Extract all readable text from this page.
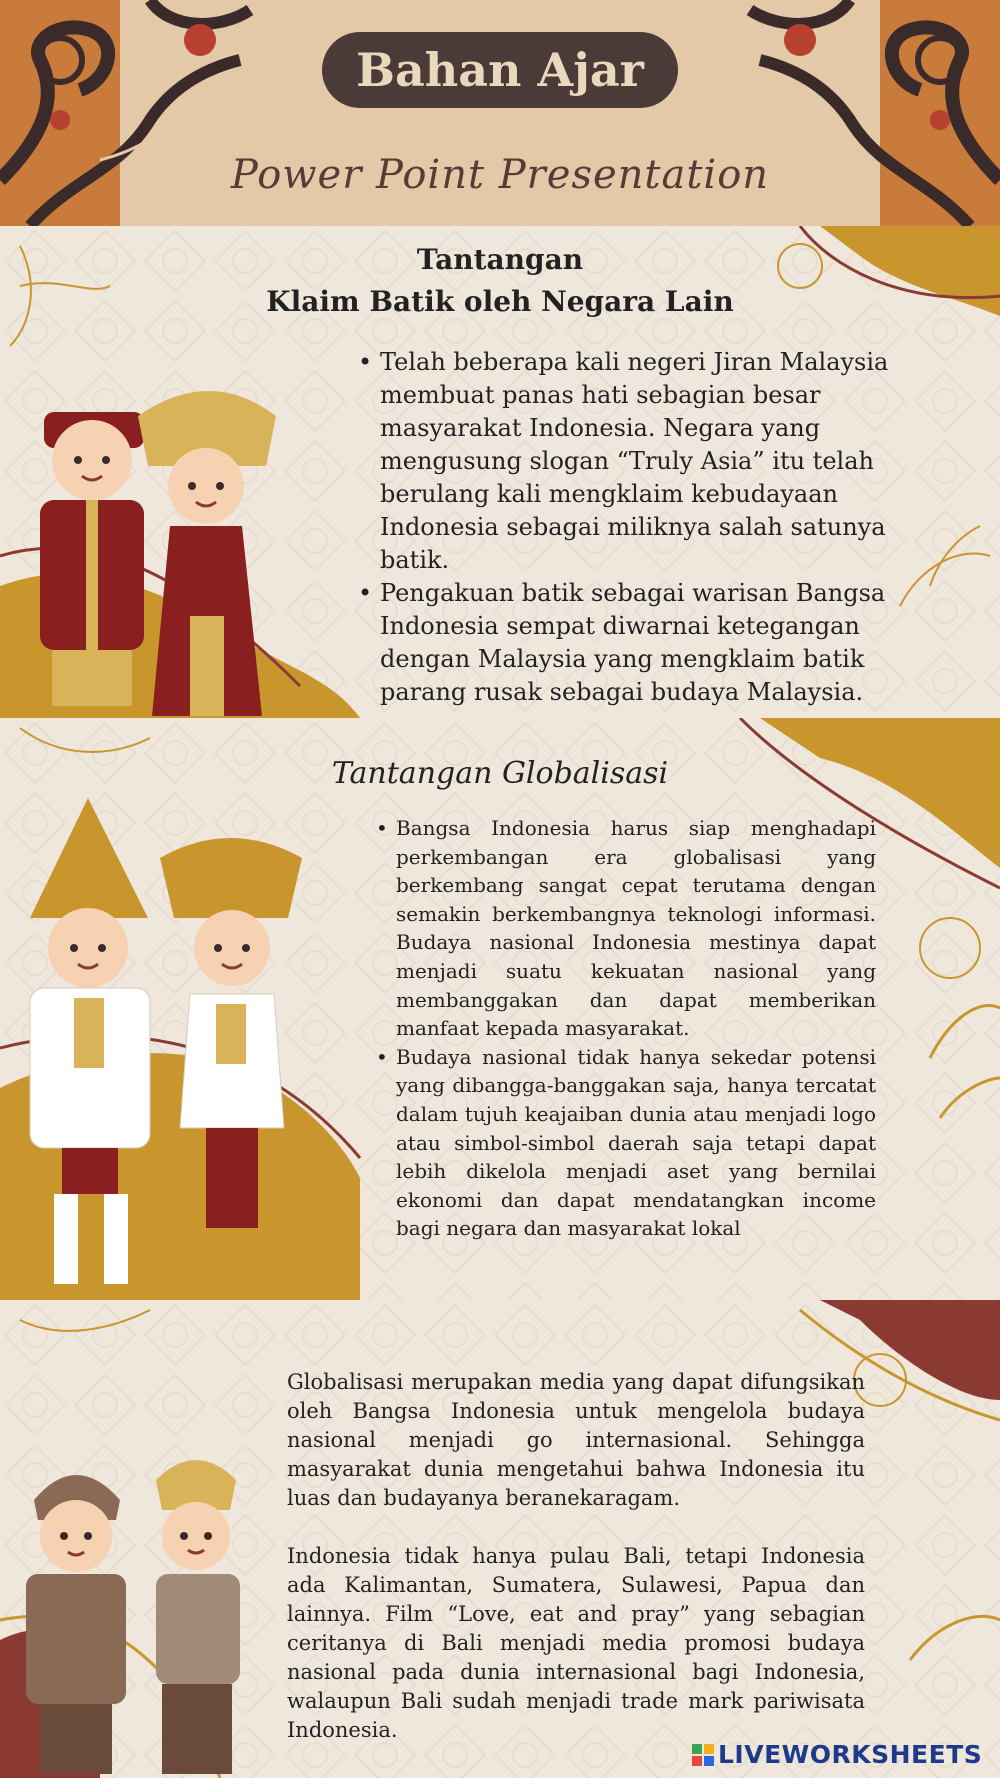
Bahan Ajar
Power Point Presentation
Tantangan
Klaim Batik oleh Negara Lain
• Telah beberapa kali negeri Jiran Malaysia membuat panas hati sebagian besar masyarakat Indonesia. Negara yang mengusung slogan “Truly Asia” itu telah berulang kali mengklaim kebudayaan Indonesia sebagai miliknya salah satunya batik.
• Pengakuan batik sebagai warisan Bangsa Indonesia sempat diwarnai ketegangan dengan Malaysia yang mengklaim batik parang rusak sebagai budaya Malaysia.
Tantangan Globalisasi
• Bangsa Indonesia harus siap menghadapi perkembangan era globalisasi yang berkembang sangat cepat terutama dengan semakin berkembangnya teknologi informasi. Budaya nasional Indonesia mestinya dapat menjadi suatu kekuatan nasional yang membanggakan dan dapat memberikan manfaat kepada masyarakat.
• Budaya nasional tidak hanya sekedar potensi yang dibangga-banggakan saja, hanya tercatat dalam tujuh keajaiban dunia atau menjadi logo atau simbol-simbol daerah saja tetapi dapat lebih dikelola menjadi aset yang bernilai ekonomi dan dapat mendatangkan income bagi negara dan masyarakat lokal

Globalisasi merupakan media yang dapat difungsikan oleh Bangsa Indonesia untuk mengelola budaya nasional menjadi go internasional. Sehingga masyarakat dunia mengetahui bahwa Indonesia itu luas dan budayanya beranekaragam.

Indonesia tidak hanya pulau Bali, tetapi Indonesia ada Kalimantan, Sumatera, Sulawesi, Papua dan lainnya. Film “Love, eat and pray” yang sebagian ceritanya di Bali menjadi media promosi budaya nasional pada dunia internasional bagi Indonesia, walaupun Bali sudah menjadi trade mark pariwisata Indonesia.

LIVEWORKSHEETS
